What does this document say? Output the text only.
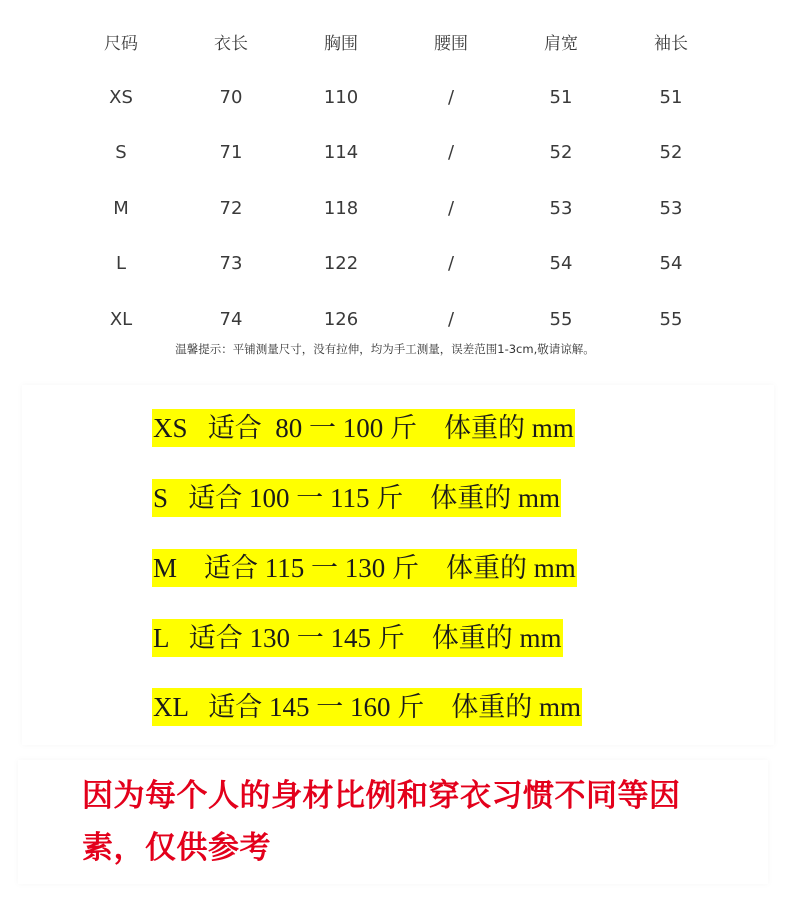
尺码	衣长	胸围	腰围	肩宽	袖长
XS	70	110	/	51	51
S	71	114	/	52	52
M	72	118	/	53	53
L	73	122	/	54	54
XL	74	126	/	55	55
温馨提示：平铺测量尺寸，没有拉伸，均为手工测量，误差范围1-3cm,敬请谅解。
XS   适合  80 一 100 斤    体重的 mm
S   适合 100 一 115 斤    体重的 mm
M    适合 115 一 130 斤    体重的 mm
L   适合 130 一 145 斤    体重的 mm
XL   适合 145 一 160 斤    体重的 mm
因为每个人的身材比例和穿衣习惯不同等因素，仅供参考
